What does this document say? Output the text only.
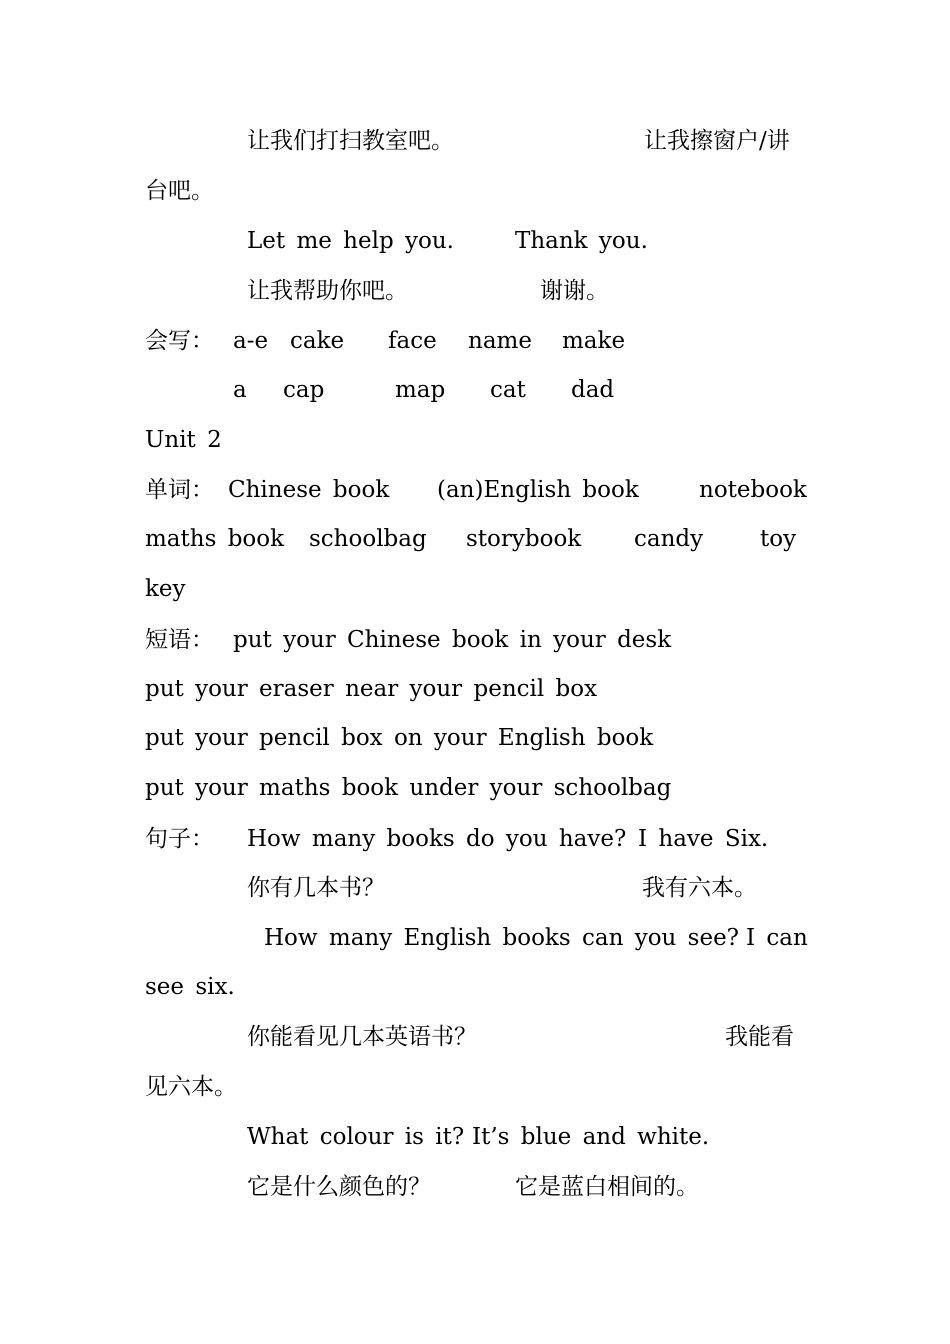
让我们打扫教室吧。	让我擦窗户/讲
台吧。
Let me help you.	Thank you.
让我帮助你吧。	谢谢。
会写： a-e cake face name make
a cap	map cat dad
Unit 2
单词： Chinese book (an)English book	notebook
maths book schoolbag storybook candy toy
key
短语： put your Chinese book in your desk
put your eraser near your pencil box
put your pencil box on your English book
put your maths book under your schoolbag
句子： How many books do you have? I have Six.
你有几本书？	我有六本。
How many English books can you see? I can
see six.
你能看见几本英语书？	我能看
见六本。
What colour is it? It’s blue and white.
它是什么颜色的？	它是蓝白相间的。
